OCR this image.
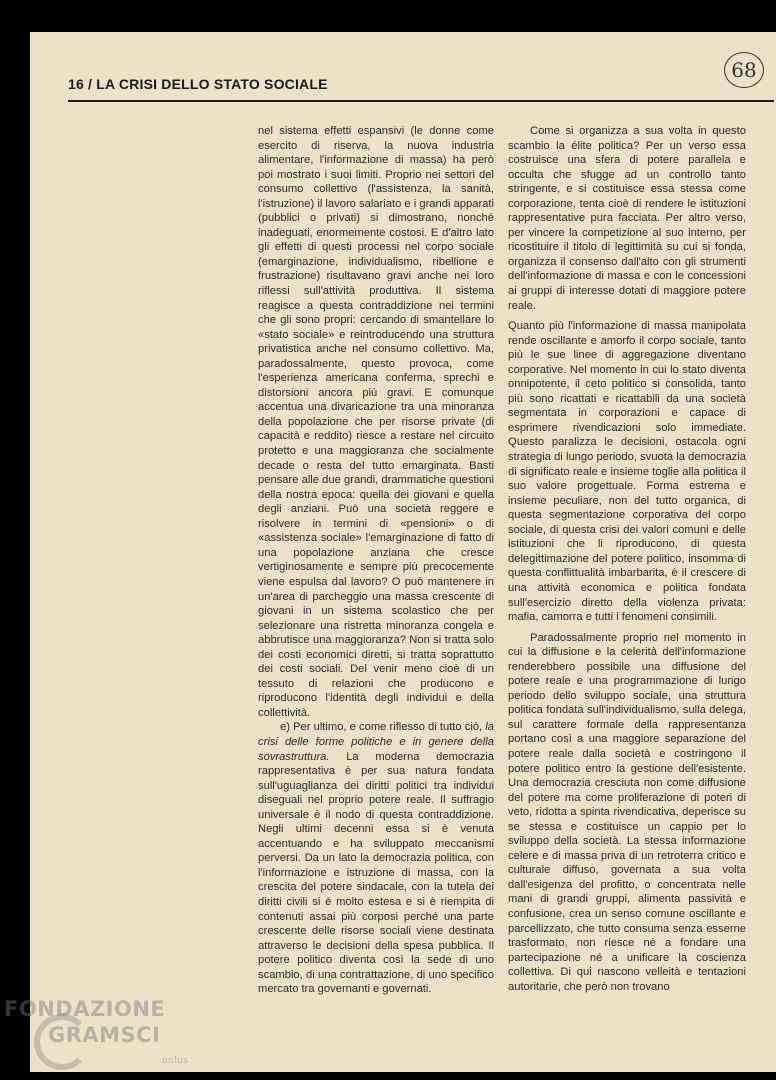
16 / LA CRISI DELLO STATO SOCIALE
68

nel sistema effetti espansivi (le donne come esercito di riserva, la nuova industria alimentare, l'informazione di massa) ha però poi mostrato i suoi limiti. Proprio nei settori del consumo collettivo (l'assistenza, la sanità, l'istruzione) il lavoro salariato e i grandi apparati (pubblici o privati) si dimostrano, nonché inadeguati, enormemente costosi. E d'altro lato gli effetti di questi processi nel corpo sociale (emarginazione, individualismo, ribellione e frustrazione) risultavano gravi anche nei loro riflessi sull'attività produttiva. Il sistema reagisce a questa contraddizione nei termini che gli sono propri: cercando di smantellare lo «stato sociale» e reintroducendo una struttura privatistica anche nel consumo collettivo. Ma, paradossalmente, questo provoca, come l'esperienza americana conferma, sprechi e distorsioni ancora più gravi. E comunque accentua una divaricazione tra una minoranza della popolazione che per risorse private (di capacità e reddito) riesce a restare nel circuito protetto e una maggioranza che socialmente decade o resta del tutto emarginata. Basti pensare alle due grandi, drammatiche questioni della nostra epoca: quella dei giovani e quella degli anziani. Può una società reggere e risolvere in termini di «pensioni» o di «assistenza sociale» l'emarginazione di fatto di una popolazione anziana che cresce vertiginosamente e sempre più precocemente viene espulsa dal lavoro? O può mantenere in un'area di parcheggio una massa crescente di giovani in un sistema scolastico che per selezionare una ristretta minoranza congela e abbrutisce una maggioranza? Non si tratta solo dei costi economici diretti, si tratta soprattutto dei costi sociali. Del venir meno cioè di un tessuto di relazioni che producono e riproducono l'identità degli individui e della collettività.

e) Per ultimo, e come riflesso di tutto ciò, la crisi delle forme politiche e in genere della sovrastruttura. La moderna democrazia rappresentativa è per sua natura fondata sull'uguaglianza dei diritti politici tra individui diseguali nel proprio potere reale. Il suffragio universale è il nodo di questa contraddizione. Negli ultimi decenni essa si è venuta accentuando e ha sviluppato meccanismi perversi. Da un lato la democrazia politica, con l'informazione e istruzione di massa, con la crescita del potere sindacale, con la tutela dei diritti civili si è molto estesa e si è riempita di contenuti assai più corposi perché una parte crescente delle risorse sociali viene destinata attraverso le decisioni della spesa pubblica. Il potere politico diventa così la sede di uno scambio, di una contrattazione, di uno specifico mercato tra governanti e governati.

Come si organizza a sua volta in questo scambio la élite politica? Per un verso essa costruisce una sfera di potere parallela e occulta che sfugge ad un controllo tanto stringente, e si costituisce essa stessa come corporazione, tenta cioè di rendere le istituzioni rappresentative pura facciata. Per altro verso, per vincere la competizione al suo interno, per ricostituire il titolo di legittimità su cui si fonda, organizza il consenso dall'alto con gli strumenti dell'informazione di massa e con le concessioni ai gruppi di interesse dotati di maggiore potere reale.

Quanto più l'informazione di massa manipolata rende oscillante e amorfo il corpo sociale, tanto più le sue linee di aggregazione diventano corporative. Nel momento in cui lo stato diventa onnipotente, il ceto politico si consolida, tanto più sono ricattati e ricattabili da una società segmentata in corporazioni e capace di esprimere rivendicazioni solo immediate. Questo paralizza le decisioni, ostacola ogni strategia di lungo periodo, svuota la democrazia di significato reale e insieme toglie alla politica il suo valore progettuale. Forma estrema e insieme peculiare, non del tutto organica, di questa segmentazione corporativa del corpo sociale, di questa crisi dei valori comuni e delle istituzioni che li riproducono, di questa delegittimazione del potere politico, insomma di questa conflittualità imbarbarita, è il crescere di una attività economica e politica fondata sull'esercizio diretto della violenza privata: mafia, camorra e tutti i fenomeni consimili.

Paradossalmente proprio nel momento in cui la diffusione e la celerità dell'informazione renderebbero possibile una diffusione del potere reale e una programmazione di lungo periodo dello sviluppo sociale, una struttura politica fondata sull'individualismo, sulla delega, sul carattere formale della rappresentanza portano così a una maggiore separazione del potere reale dalla società e costringono il potere politico entro la gestione dell'esistente. Una democrazia cresciuta non come diffusione del potere ma come proliferazione di poteri di veto, ridotta a spinta rivendicativa, deperisce su se stessa e costituisce un cappio per lo sviluppo della società. La stessa informazione celere e di massa priva di un retroterra critico e culturale diffuso, governata a sua volta dall'esigenza del profitto, o concentrata nelle mani di grandi gruppi, alimenta passività e confusione, crea un senso comune oscillante e parcellizzato, che tutto consuma senza esserne trasformato, non riesce né a fondare una partecipazione né a unificare la coscienza collettiva. Di qui nascono velleità e tentazioni autoritarie, che però non trovano

FONDAZIONE
GRAMSCI
onlus
